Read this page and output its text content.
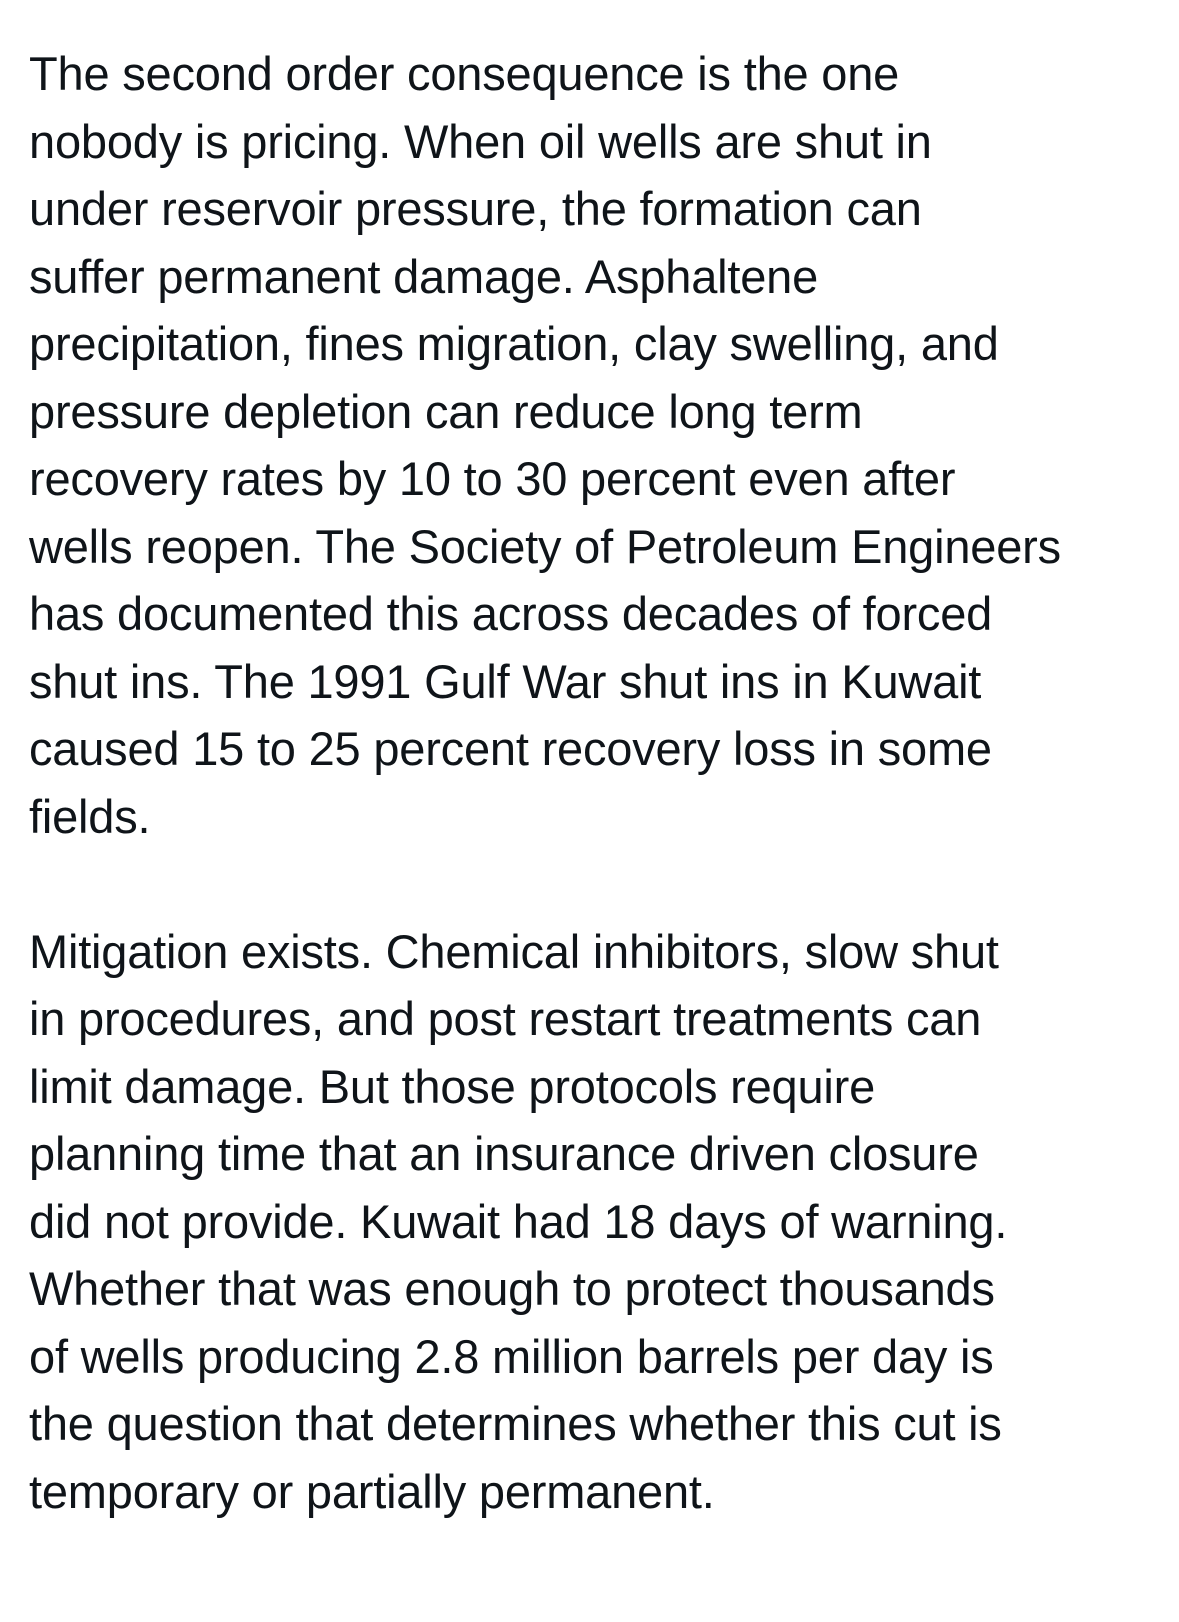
The second order consequence is the one
nobody is pricing. When oil wells are shut in
under reservoir pressure, the formation can
suffer permanent damage. Asphaltene
precipitation, fines migration, clay swelling, and
pressure depletion can reduce long term
recovery rates by 10 to 30 percent even after
wells reopen. The Society of Petroleum Engineers
has documented this across decades of forced
shut ins. The 1991 Gulf War shut ins in Kuwait
caused 15 to 25 percent recovery loss in some
fields.
Mitigation exists. Chemical inhibitors, slow shut
in procedures, and post restart treatments can
limit damage. But those protocols require
planning time that an insurance driven closure
did not provide. Kuwait had 18 days of warning.
Whether that was enough to protect thousands
of wells producing 2.8 million barrels per day is
the question that determines whether this cut is
temporary or partially permanent.
